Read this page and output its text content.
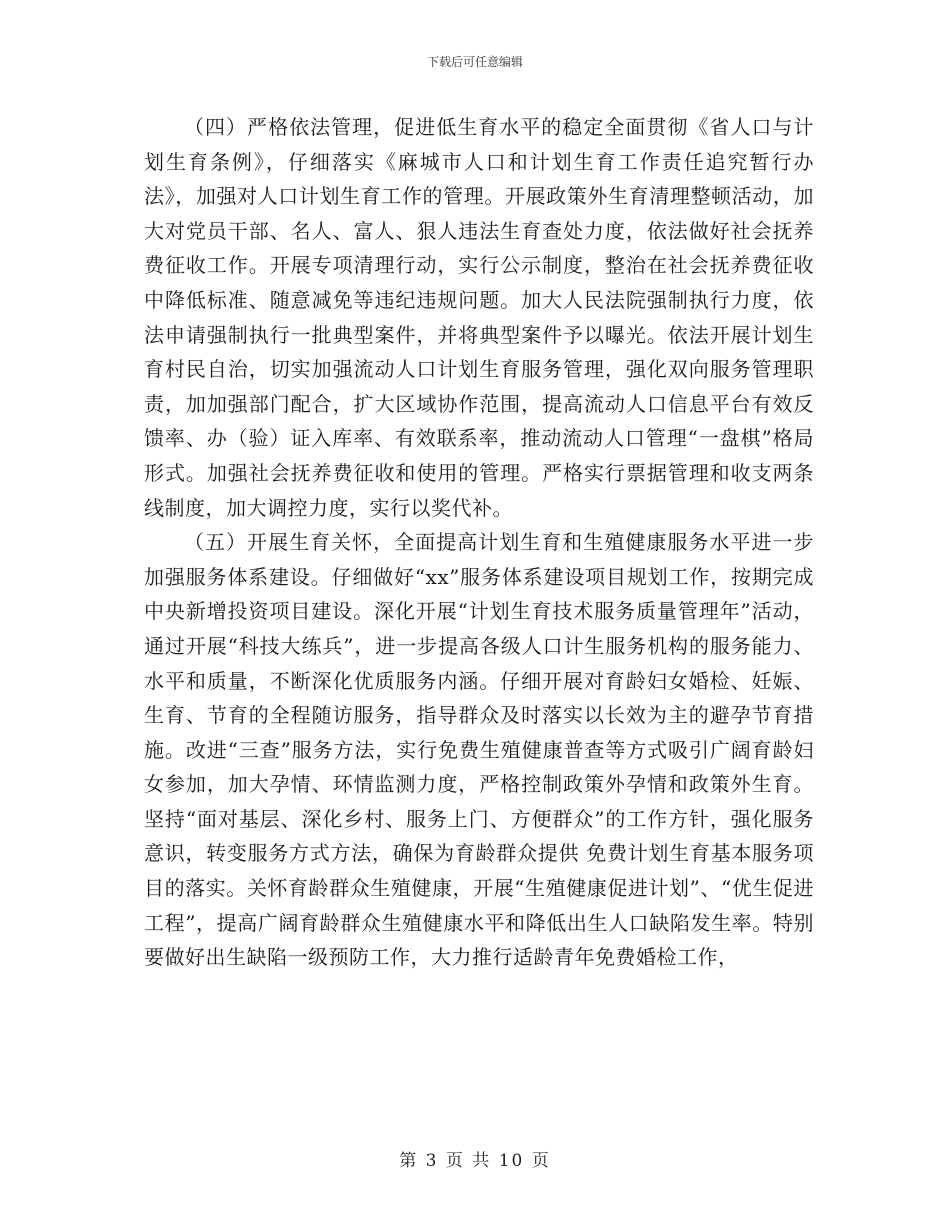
下载后可任意编辑

（四）严格依法管理，促进低生育水平的稳定全面贯彻《省人口与计划生育条例》，仔细落实《麻城市人口和计划生育工作责任追究暂行办法》，加强对人口计划生育工作的管理。开展政策外生育清理整顿活动，加大对党员干部、名人、富人、狠人违法生育查处力度，依法做好社会抚养费征收工作。开展专项清理行动，实行公示制度，整治在社会抚养费征收中降低标准、随意减免等违纪违规问题。加大人民法院强制执行力度，依法申请强制执行一批典型案件，并将典型案件予以曝光。依法开展计划生育村民自治，切实加强流动人口计划生育服务管理，强化双向服务管理职责，加加强部门配合，扩大区域协作范围，提高流动人口信息平台有效反馈率、办（验）证入库率、有效联系率，推动流动人口管理“一盘棋”格局形式。加强社会抚养费征收和使用的管理。严格实行票据管理和收支两条线制度，加大调控力度，实行以奖代补。

（五）开展生育关怀，全面提高计划生育和生殖健康服务水平进一步加强服务体系建设。仔细做好“xx”服务体系建设项目规划工作，按期完成中央新增投资项目建设。深化开展“计划生育技术服务质量管理年”活动，通过开展“科技大练兵”，进一步提高各级人口计生服务机构的服务能力、水平和质量，不断深化优质服务内涵。仔细开展对育龄妇女婚检、妊娠、生育、节育的全程随访服务，指导群众及时落实以长效为主的避孕节育措施。改进“三查”服务方法，实行免费生殖健康普查等方式吸引广阔育龄妇女参加，加大孕情、环情监测力度，严格控制政策外孕情和政策外生育。坚持“面对基层、深化乡村、服务上门、方便群众”的工作方针，强化服务意识，转变服务方式方法，确保为育龄群众提供 免费计划生育基本服务项目的落实。关怀育龄群众生殖健康，开展“生殖健康促进计划”、“优生促进工程”，提高广阔育龄群众生殖健康水平和降低出生人口缺陷发生率。特别要做好出生缺陷一级预防工作，大力推行适龄青年免费婚检工作，

第 3 页 共 10 页
